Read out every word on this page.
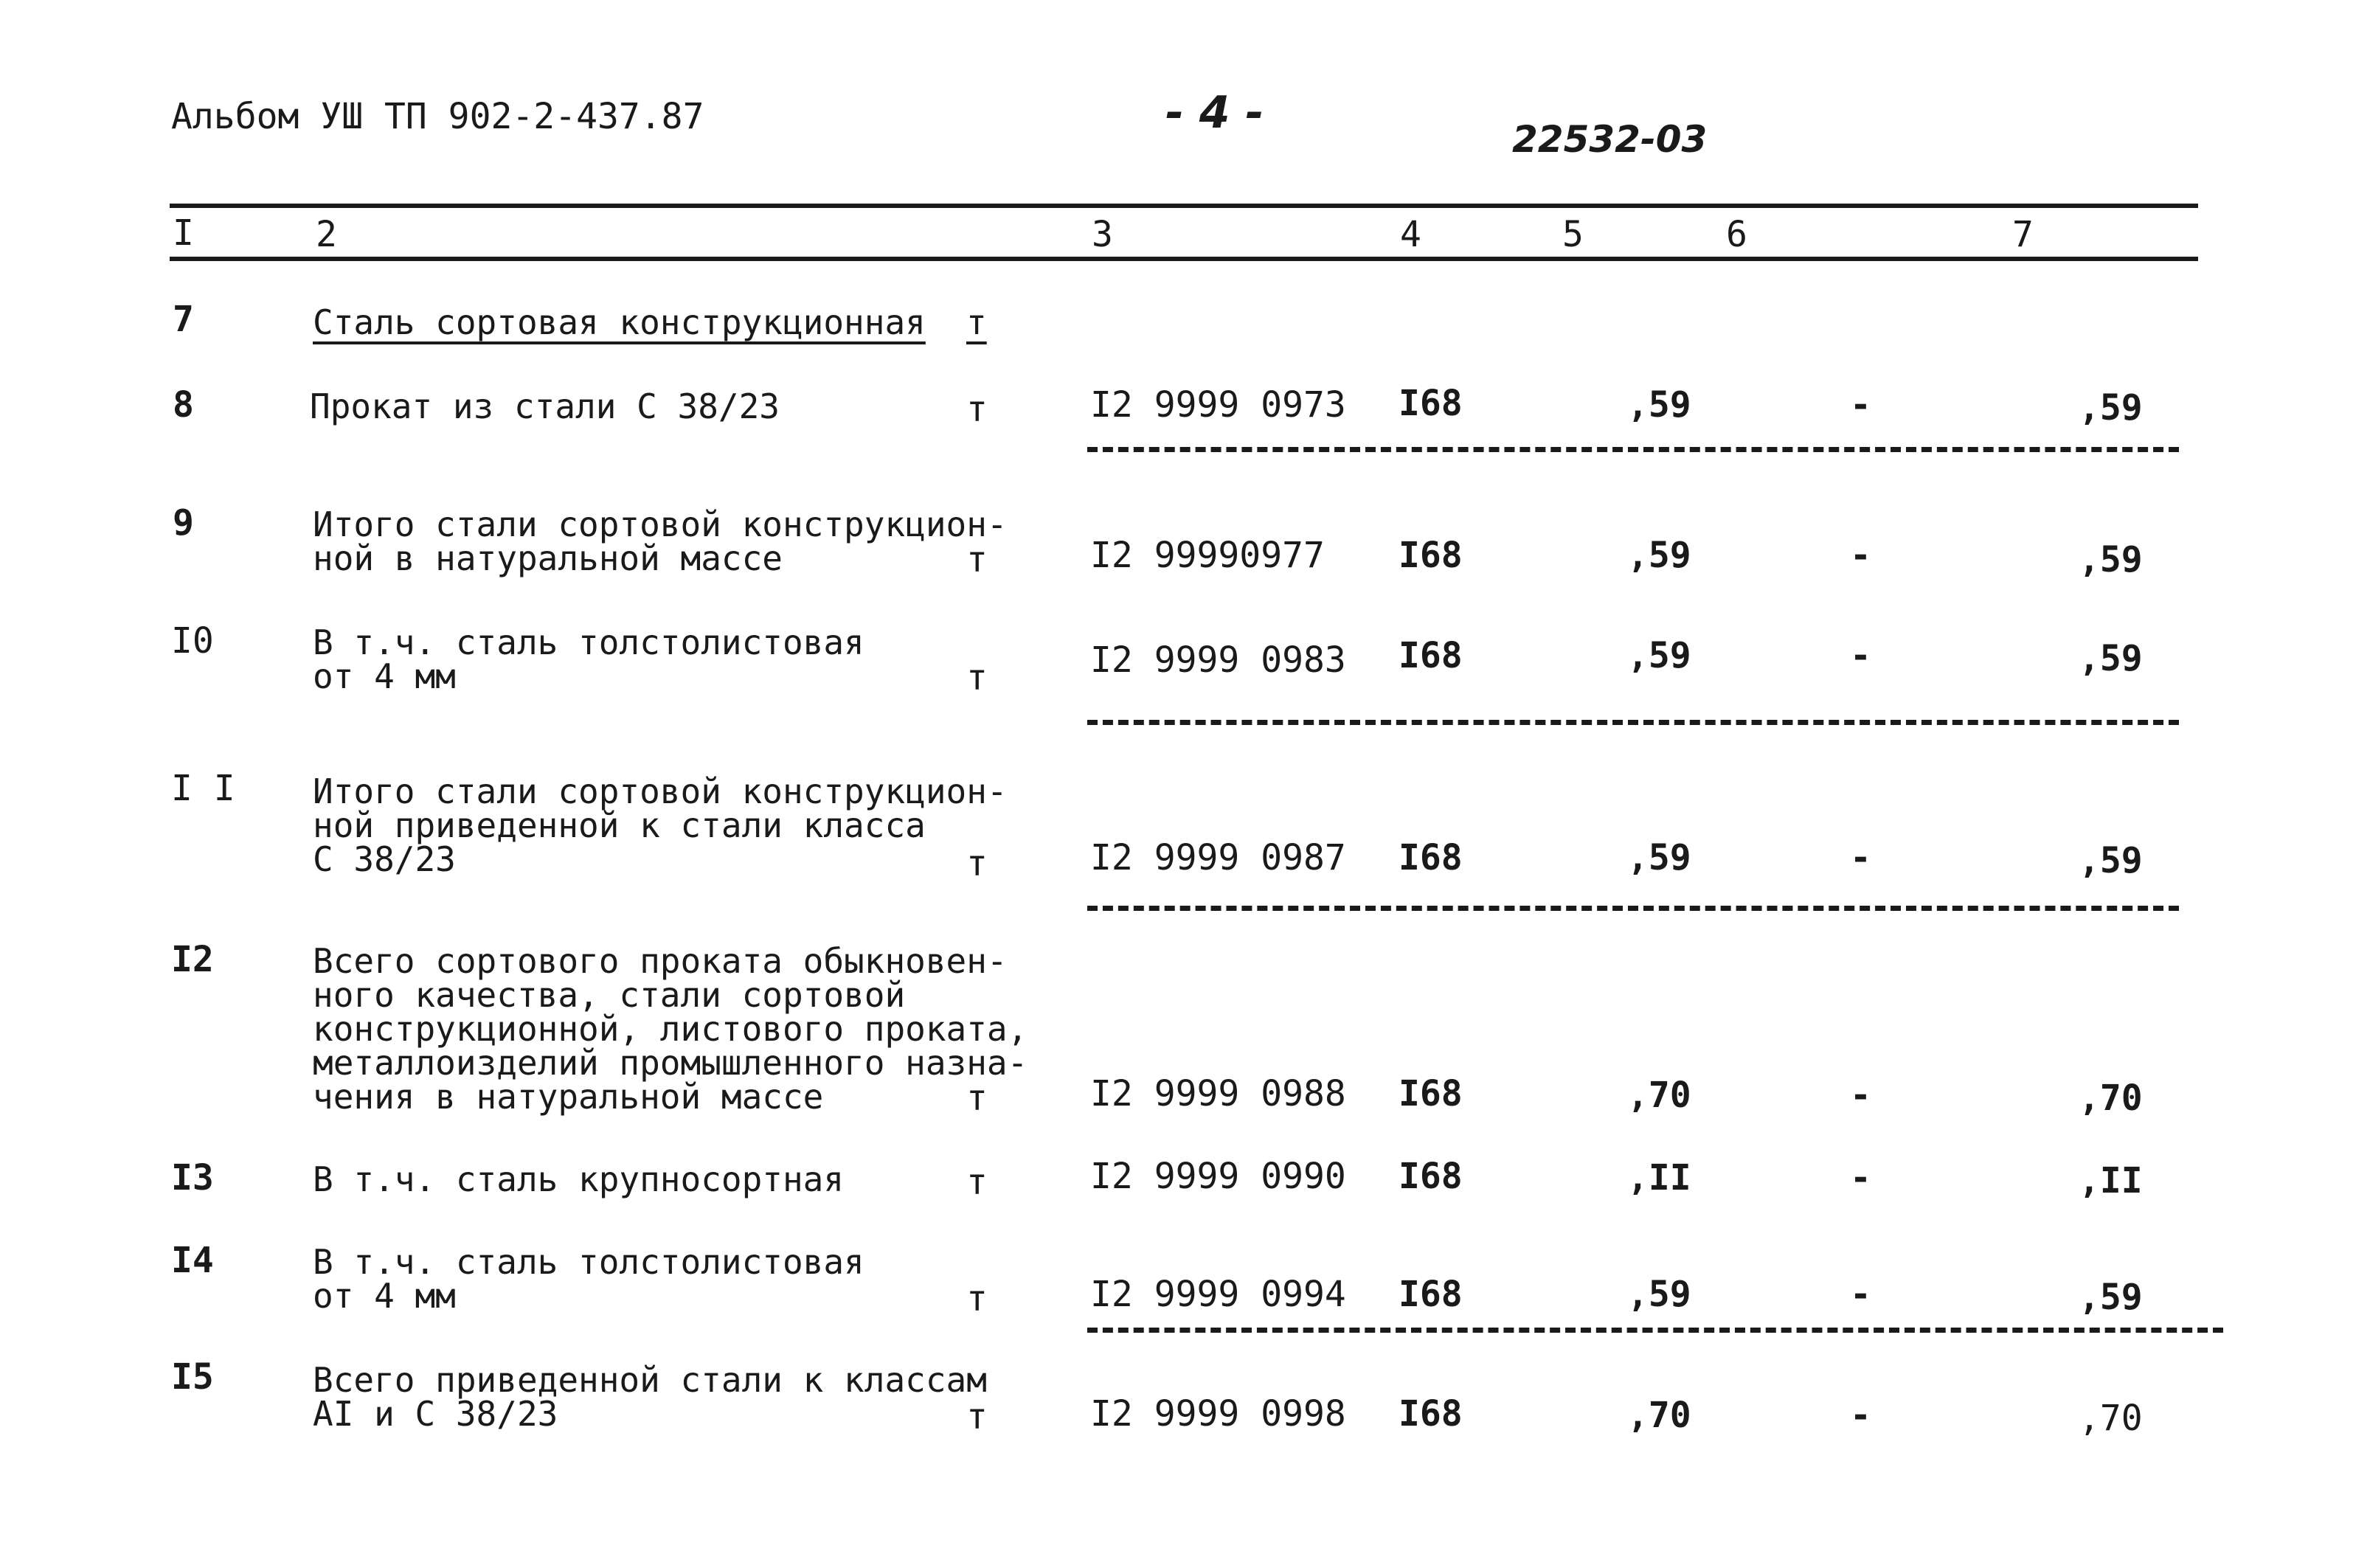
Альбом УШ ТП 902-2-437.87	- 4 -
22532-03
I	2	3	4	5	6	7
7	Сталь сортовая конструкционная т
8	Прокат из стали С 38/23	т	I2 9999 0973 I68	,59	-	,59
9	Итого стали сортовой конструкцион-
ной в натуральной массе	т	I2 99990977 I68	,59	-	,59
I0	В т.ч. сталь толстолистовая
от 4 мм	т	I2 9999 0983 I68	,59	-	,59
I I Итого стали сортовой конструкцион-
ной приведенной к стали класса
С 38/23	т	I2 9999 0987 I68	,59	-	,59
I2	Всего сортового проката обыкновен-
ного качества, стали сортовой
конструкционной, листового проката,
металлоизделий промышленного назна-
чения в натуральной массе	т	I2 9999 0988 I68	,70	-	,70
I3	В т.ч. сталь крупносортная	т	I2 9999 0990 I68	,II	-	,II
I4	В т.ч. сталь толстолистовая
от 4 мм	т	I2 9999 0994 I68	,59	-	,59
I5	Всего приведенной стали к классам
АI и С 38/23	т	I2 9999 0998 I68	,70	-	,70
